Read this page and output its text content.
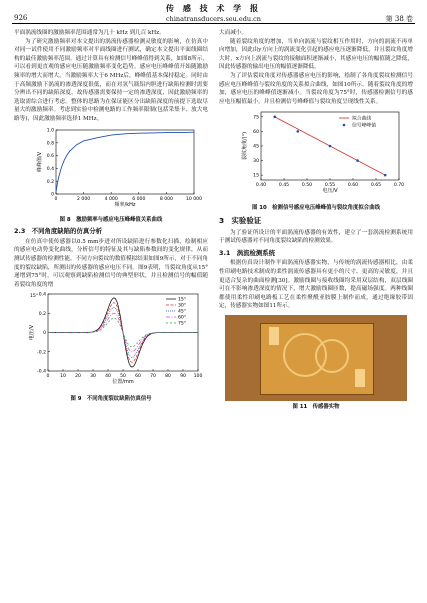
926
传 感 技 术 学 报
chinatransducers.seu.edu.cn	第 38 卷

平面涡流线圈的激励频率范围通常为几十 kHz 到几百 kHz。

为了研究激励频率对本文提出的涡流传感器检测灵敏度的影响，在仿真中对同一试件使用不同激励频率对平面线圈进行测试，确定本文提出平面线圈结构的最佳激励频率范围。通过计算具有检测信号峰峰值得到关系，如图8所示，可以看到更直观的感应电压随激励频率变化趋势。感应电压峰峰值开始随激励频率的增大而增大，当激励频率大于6 MHz后，峰峰值基本保持稳定。同时由于高频激励下涡流的渗透深度很低，而在对氢气瓶铝内胆进行缺陷检测时需要分辨出不同的缺陷深度，故传感器需要保持一定的渗透深度，因此激励频率的选取需综合进行考虑。整体的思路为在保证能区分出缺陷深度的前提下选取尽量大的激励频率。考虑到实验中检测电路的工作频率限制(包括采集卡、放大电路等)，因此激励频率选择1 MHz。

0	2 000	4 000	6 000	8 000	10 000
0
0.2
0.4
0.6
0.8
1.0
频率/kHz
峰峰值/V
图 8　激励频率与感应电压峰峰值关系曲线
2.3　不同角度缺陷的仿真分析

在仿真中使传感器以0.5 mm步进对所设缺陷进行参数化扫描，绘制相应的感应电动势变化曲线，分析信号的特征及其与缺陷参数间的变化规律，从而测试传感器的检测性能。不同方向裂纹的数值模拟结果如图9所示，对于不同角度的裂纹缺陷，所测出的传感器的感应电压不同。图9表明，当裂纹角度从15°递增到75°时，可以观察到缺陷检测信号的典型形状，并且检测信号的幅值随着裂纹角度的增

0 10 20 30 40 50 60 70 80 90 100
-0.4
-0.2
0
0.2
0.4
位置/mm
电压/V
15°
30°
45°
60°
75°
15°
图 9　不同角度裂纹缺陷仿真信号

大而减小。

随着裂纹角度的增加，当单向涡流与裂纹相互作用时，方向的涡流不再单向增加，因此由y方向上的涡流变化引起的感应电压逐渐降低，并且裂纹角度增大时，x方向上涡流与裂纹的接触面积逐渐减小，其感应电压的幅值随之降低，因此传感器的输出电压的幅值逐渐降低。

为了评估裂纹角度对传感器感应电压的影响，绘制了各角度裂纹检测信号感应电压峰峰值与裂纹角度的关系拟合曲线，如图10所示。随着裂纹角度的增加，感应电压的峰峰值逐渐减小。当裂纹角度为75°时，传感器检测信号的感应电压幅值最小，并且检测信号峰峰值与裂纹角度呈现线性关系。

0.40	0.45	0.50	0.55	0.60	0.65	0.70
15
30
45
60
75
电压/V
裂纹角度/(°)
拟合曲线
信号峰峰值
图 10　检测信号感应电压峰峰值与裂纹角度拟合曲线
3　实验验证

为了验证所设计的平面涡流传感器的有效性，建立了一套涡流检测系统用于测试传感器对不同角度裂纹缺陷的检测效果。

3.1　涡流检测系统

根据仿真设计制作平面涡流传感器实物，与传统的涡流传感器相比，由柔性印刷电路技术制成的柔性涡流传感器具有更小的尺寸、更高的灵敏度，并且更适合复杂的曲面检测[30]。激励线圈与接收线圈均采用双层结构，双层线圈可在不影响渗透深度的情况下，增大激励线圈匝数，提高磁场强度。两种线圈都使用柔性印刷电路板工艺在柔性聚酰亚胺膜上制作而成，通过绝缘胶带固定，传感器实物如图11所示。

图 11　传感器实物
